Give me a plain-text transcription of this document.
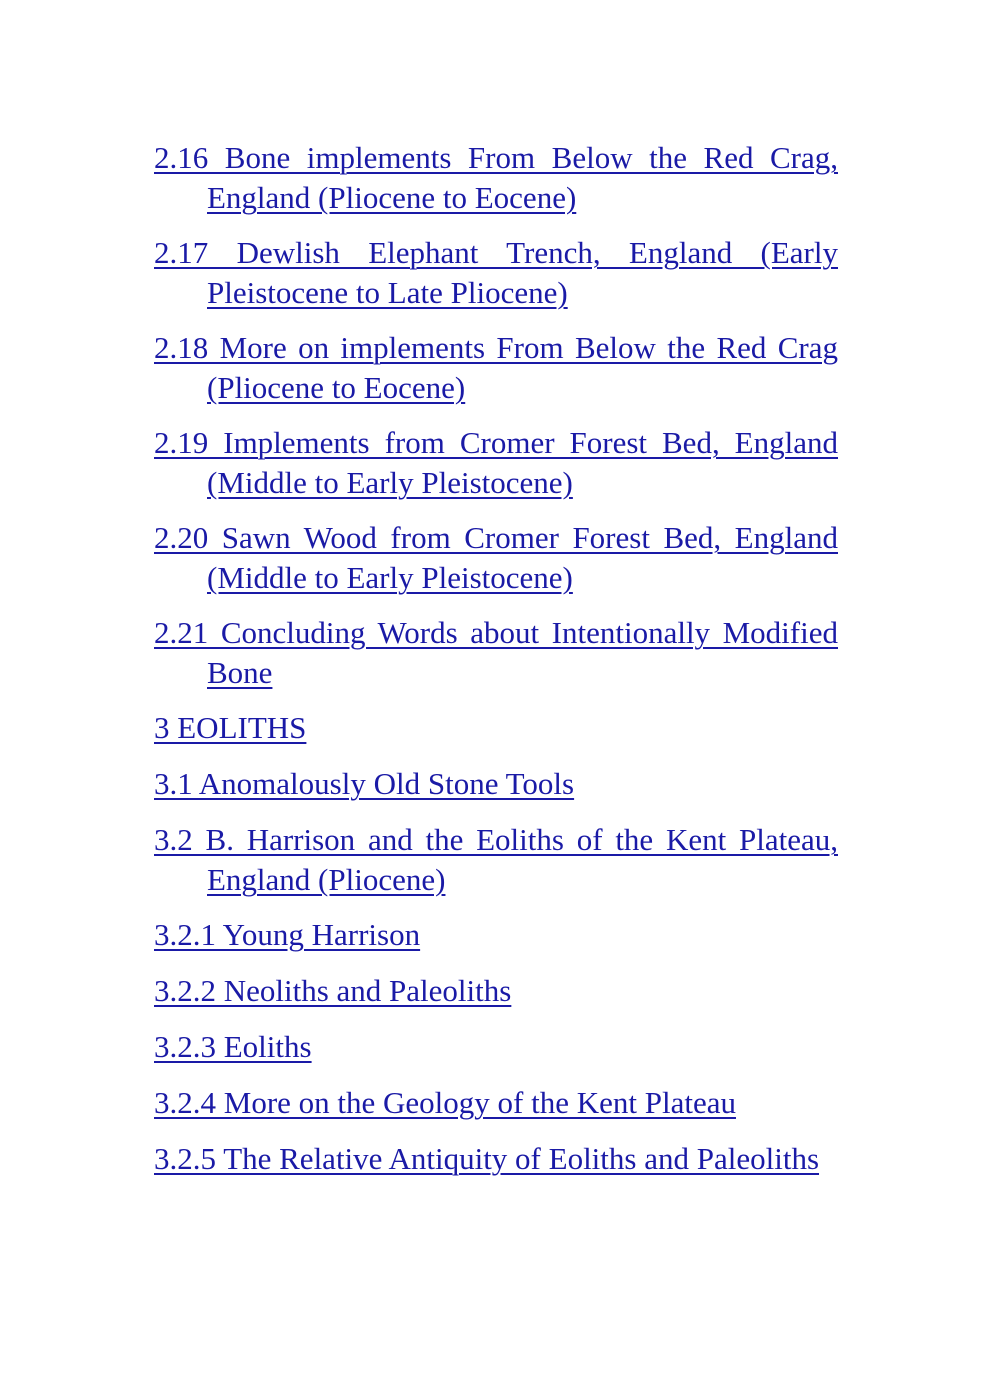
2.16 Bone implements From Below the Red Crag, England (Pliocene to Eocene)

2.17 Dewlish Elephant Trench, England (Early Pleistocene to Late Pliocene)

2.18 More on implements From Below the Red Crag (Pliocene to Eocene)

2.19 Implements from Cromer Forest Bed, England (Middle to Early Pleistocene)

2.20 Sawn Wood from Cromer Forest Bed, England (Middle to Early Pleistocene)

2.21 Concluding Words about Intentionally Modified Bone

3 EOLITHS

3.1 Anomalously Old Stone Tools

3.2 B. Harrison and the Eoliths of the Kent Plateau, England (Pliocene)

3.2.1 Young Harrison

3.2.2 Neoliths and Paleoliths

3.2.3 Eoliths

3.2.4 More on the Geology of the Kent Plateau

3.2.5 The Relative Antiquity of Eoliths and Paleoliths
